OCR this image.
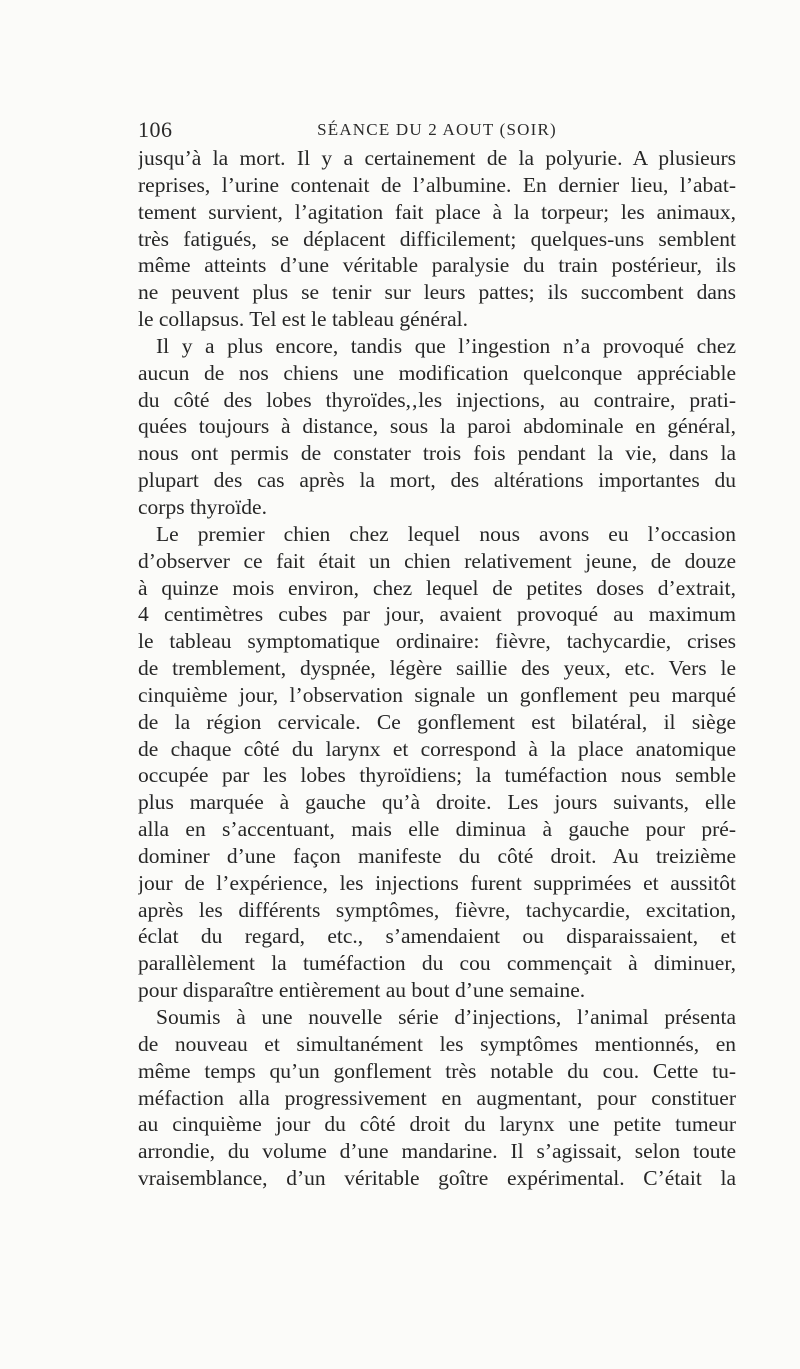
106	SÉANCE DU 2 AOUT (SOIR)
jusqu’à la mort. Il y a certainement de la polyurie. A plusieurs
reprises, l’urine contenait de l’albumine. En dernier lieu, l’abat-
tement survient, l’agitation fait place à la torpeur; les animaux,
très fatigués, se déplacent difficilement; quelques-uns semblent
même atteints d’une véritable paralysie du train postérieur, ils
ne peuvent plus se tenir sur leurs pattes; ils succombent dans
le collapsus. Tel est le tableau général.
Il y a plus encore, tandis que l’ingestion n’a provoqué chez
aucun de nos chiens une modification quelconque appréciable
du côté des lobes thyroïdes,‚les injections, au contraire, prati-
quées toujours à distance, sous la paroi abdominale en général,
nous ont permis de constater trois fois pendant la vie, dans la
plupart des cas après la mort, des altérations importantes du
corps thyroïde.
Le premier chien chez lequel nous avons eu l’occasion
d’observer ce fait était un chien relativement jeune, de douze
à quinze mois environ, chez lequel de petites doses d’extrait,
4 centimètres cubes par jour, avaient provoqué au maximum
le tableau symptomatique ordinaire: fièvre, tachycardie, crises
de tremblement, dyspnée, légère saillie des yeux, etc. Vers le
cinquième jour, l’observation signale un gonflement peu marqué
de la région cervicale. Ce gonflement est bilatéral, il siège
de chaque côté du larynx et correspond à la place anatomique
occupée par les lobes thyroïdiens; la tuméfaction nous semble
plus marquée à gauche qu’à droite. Les jours suivants, elle
alla en s’accentuant, mais elle diminua à gauche pour pré-
dominer d’une façon manifeste du côté droit. Au treizième
jour de l’expérience, les injections furent supprimées et aussitôt
après les différents symptômes, fièvre, tachycardie, excitation,
éclat du regard, etc., s’amendaient ou disparaissaient, et
parallèlement la tuméfaction du cou commençait à diminuer,
pour disparaître entièrement au bout d’une semaine.
Soumis à une nouvelle série d’injections, l’animal présenta
de nouveau et simultanément les symptômes mentionnés, en
même temps qu’un gonflement très notable du cou. Cette tu-
méfaction alla progressivement en augmentant, pour constituer
au cinquième jour du côté droit du larynx une petite tumeur
arrondie, du volume d’une mandarine. Il s’agissait, selon toute
vraisemblance, d’un véritable goître expérimental. C’était la
